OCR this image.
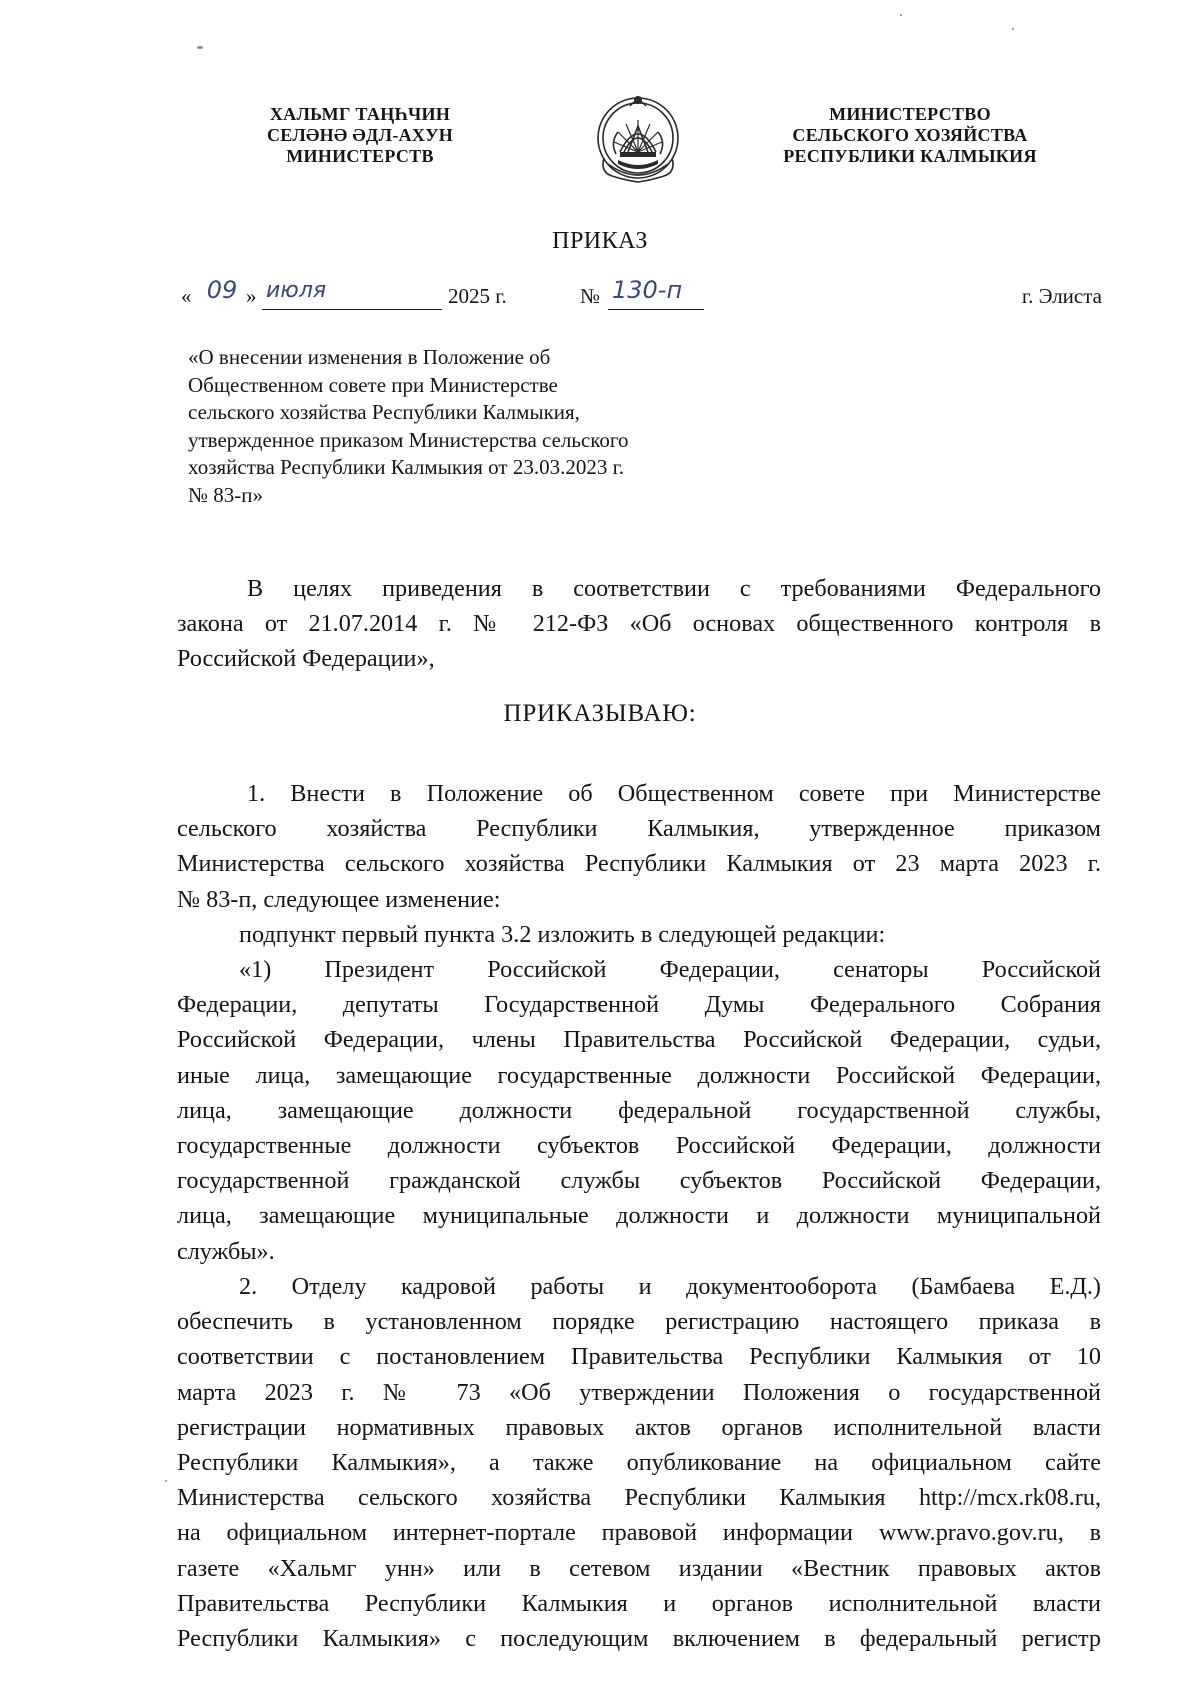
ХАЛЬМГ ТАҢҺЧИН
СЕЛӘНӘ ӘДЛ-АХУН
МИНИСТЕРСТВ
МИНИСТЕРСТВО
СЕЛЬСКОГО ХОЗЯЙСТВА
РЕСПУБЛИКИ КАЛМЫКИЯ
ПРИКАЗ
« 09 » июля	2025 г.	№ 130-п	г. Элиста
«О внесении изменения в Положение об
Общественном совете при Министерстве
сельского хозяйства Республики Калмыкия,
утвержденное приказом Министерства сельского
хозяйства Республики Калмыкия от 23.03.2023 г.
№ 83-п»
В целях приведения в соответствии с требованиями Федерального
закона от 21.07.2014 г. № 212-ФЗ «Об основах общественного контроля в
Российской Федерации»,
ПРИКАЗЫВАЮ:
1. Внести в Положение об Общественном совете при Министерстве
сельского хозяйства Республики Калмыкия, утвержденное приказом
Министерства сельского хозяйства Республики Калмыкия от 23 марта 2023 г.
№ 83-п, следующее изменение:
подпункт первый пункта 3.2 изложить в следующей редакции:
«1) Президент Российской Федерации, сенаторы Российской
Федерации, депутаты Государственной Думы Федерального Собрания
Российской Федерации, члены Правительства Российской Федерации, судьи,
иные лица, замещающие государственные должности Российской Федерации,
лица, замещающие должности федеральной государственной службы,
государственные должности субъектов Российской Федерации, должности
государственной гражданской службы субъектов Российской Федерации,
лица, замещающие муниципальные должности и должности муниципальной
службы».
2. Отделу кадровой работы и документооборота (Бамбаева Е.Д.)
обеспечить в установленном порядке регистрацию настоящего приказа в
соответствии с постановлением Правительства Республики Калмыкия от 10
марта 2023 г. № 73 «Об утверждении Положения о государственной
регистрации нормативных правовых актов органов исполнительной власти
Республики Калмыкия», а также опубликование на официальном сайте
Министерства сельского хозяйства Республики Калмыкия http://mcx.rk08.ru,
на официальном интернет-портале правовой информации www.pravo.gov.ru, в
газете «Хальмг унн» или в сетевом издании «Вестник правовых актов
Правительства Республики Калмыкия и органов исполнительной власти
Республики Калмыкия» с последующим включением в федеральный регистр
